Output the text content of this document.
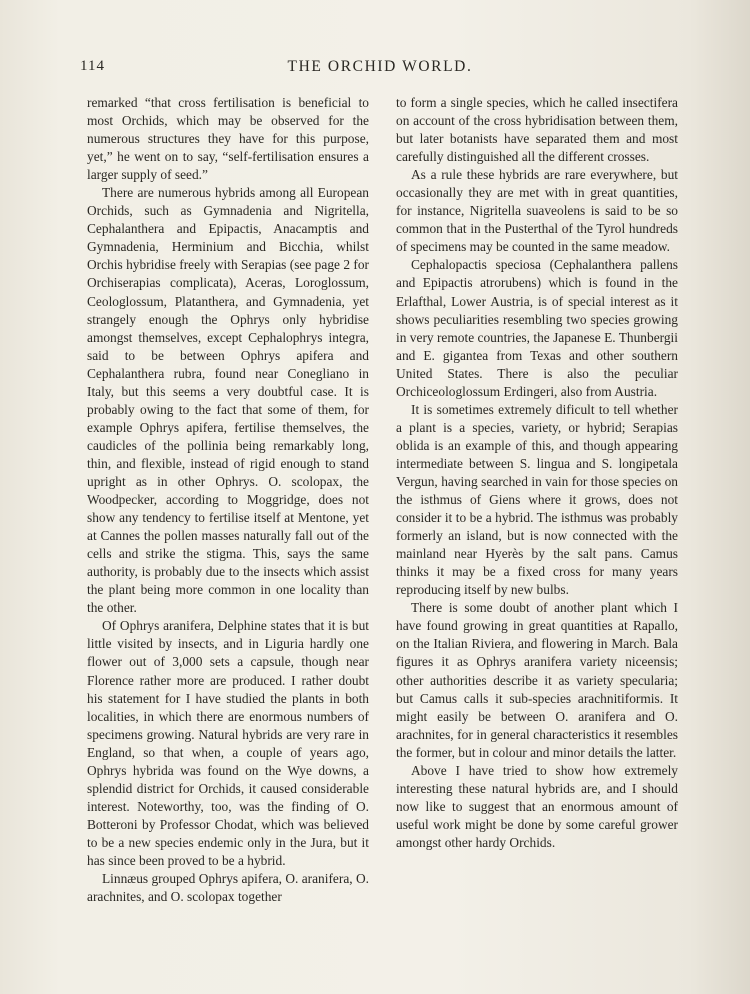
114	THE ORCHID WORLD.

remarked “that cross fertilisation is beneficial to most Orchids, which may be observed for the numerous structures they have for this purpose, yet,” he went on to say, “self-fertilisation ensures a larger supply of seed.”

There are numerous hybrids among all European Orchids, such as Gymnadenia and Nigritella, Cephalanthera and Epipactis, Anacamptis and Gymnadenia, Herminium and Bicchia, whilst Orchis hybridise freely with Serapias (see page 2 for Orchiserapias complicata), Aceras, Loroglossum, Ceologlossum, Platanthera, and Gymnadenia, yet strangely enough the Ophrys only hybridise amongst themselves, except Cephalophrys integra, said to be between Ophrys apifera and Cephalanthera rubra, found near Conegliano in Italy, but this seems a very doubtful case. It is probably owing to the fact that some of them, for example Ophrys apifera, fertilise themselves, the caudicles of the pollinia being remarkably long, thin, and flexible, instead of rigid enough to stand upright as in other Ophrys. O. scolopax, the Woodpecker, according to Moggridge, does not show any tendency to fertilise itself at Mentone, yet at Cannes the pollen masses naturally fall out of the cells and strike the stigma. This, says the same authority, is probably due to the insects which assist the plant being more common in one locality than the other.

Of Ophrys aranifera, Delphine states that it is but little visited by insects, and in Liguria hardly one flower out of 3,000 sets a capsule, though near Florence rather more are produced. I rather doubt his statement for I have studied the plants in both localities, in which there are enormous numbers of specimens growing. Natural hybrids are very rare in England, so that when, a couple of years ago, Ophrys hybrida was found on the Wye downs, a splendid district for Orchids, it caused considerable interest. Noteworthy, too, was the finding of O. Botteroni by Professor Chodat, which was believed to be a new species endemic only in the Jura, but it has since been proved to be a hybrid.

Linnæus grouped Ophrys apifera, O. aranifera, O. arachnites, and O. scolopax together

to form a single species, which he called insectifera on account of the cross hybridisation between them, but later botanists have separated them and most carefully distinguished all the different crosses.

As a rule these hybrids are rare everywhere, but occasionally they are met with in great quantities, for instance, Nigritella suaveolens is said to be so common that in the Pusterthal of the Tyrol hundreds of specimens may be counted in the same meadow.

Cephalopactis speciosa (Cephalanthera pallens and Epipactis atrorubens) which is found in the Erlafthal, Lower Austria, is of special interest as it shows peculiarities resembling two species growing in very remote countries, the Japanese E. Thunbergii and E. gigantea from Texas and other southern United States. There is also the peculiar Orchiceologlossum Erdingeri, also from Austria.

It is sometimes extremely dificult to tell whether a plant is a species, variety, or hybrid; Serapias oblida is an example of this, and though appearing intermediate between S. lingua and S. longipetala Vergun, having searched in vain for those species on the isthmus of Giens where it grows, does not consider it to be a hybrid. The isthmus was probably formerly an island, but is now connected with the mainland near Hyerès by the salt pans. Camus thinks it may be a fixed cross for many years reproducing itself by new bulbs.

There is some doubt of another plant which I have found growing in great quantities at Rapallo, on the Italian Riviera, and flowering in March. Bala figures it as Ophrys aranifera variety niceensis; other authorities describe it as variety specularia; but Camus calls it sub-species arachnitiformis. It might easily be between O. aranifera and O. arachnites, for in general characteristics it resembles the former, but in colour and minor details the latter.

Above I have tried to show how extremely interesting these natural hybrids are, and I should now like to suggest that an enormous amount of useful work might be done by some careful grower amongst other hardy Orchids.
